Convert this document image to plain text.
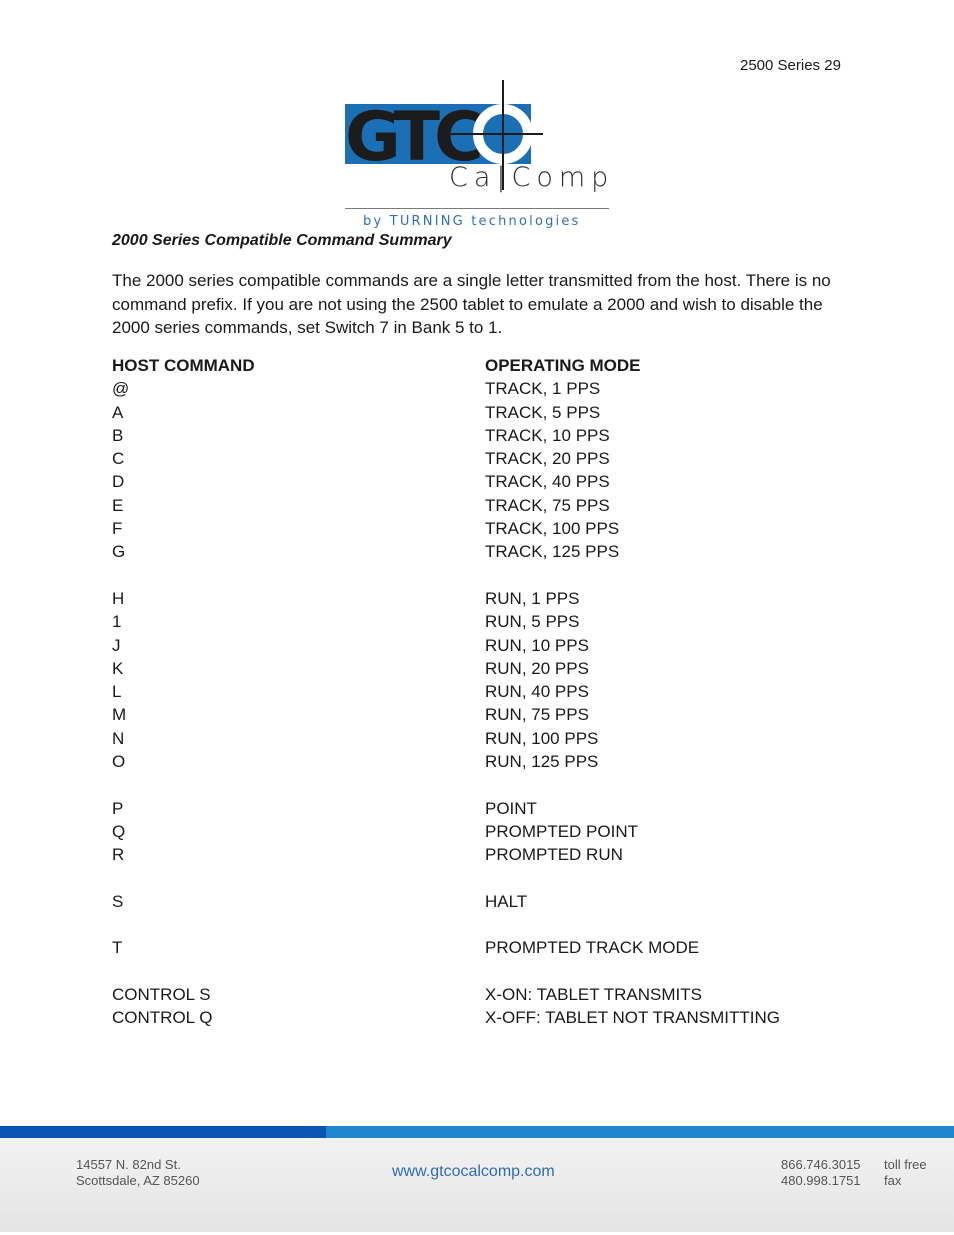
2500 Series 29
GTC
Ca|Comp
by TURNING technologies
2000 Series Compatible Command Summary

The 2000 series compatible commands are a single letter transmitted from the host. There is no command prefix. If you are not using the 2500 tablet to emulate a 2000 and wish to disable the 2000 series commands, set Switch 7 in Bank 5 to 1.

HOST COMMAND	OPERATING MODE
@	TRACK, 1 PPS
A	TRACK, 5 PPS
B	TRACK, 10 PPS
C	TRACK, 20 PPS
D	TRACK, 40 PPS
E	TRACK, 75 PPS
F	TRACK, 100 PPS
G	TRACK, 125 PPS

H	RUN, 1 PPS
1	RUN, 5 PPS
J	RUN, 10 PPS
K	RUN, 20 PPS
L	RUN, 40 PPS
M	RUN, 75 PPS
N	RUN, 100 PPS
O	RUN, 125 PPS

P	POINT
Q	PROMPTED POINT
R	PROMPTED RUN

S	HALT

T	PROMPTED TRACK MODE

CONTROL S	X-ON: TABLET TRANSMITS
CONTROL Q	X-OFF: TABLET NOT TRANSMITTING
14557 N. 82nd St.
Scottsdale, AZ 85260
www.gtcocalcomp.com	866.746.3015
480.998.1751
toll free
fax
